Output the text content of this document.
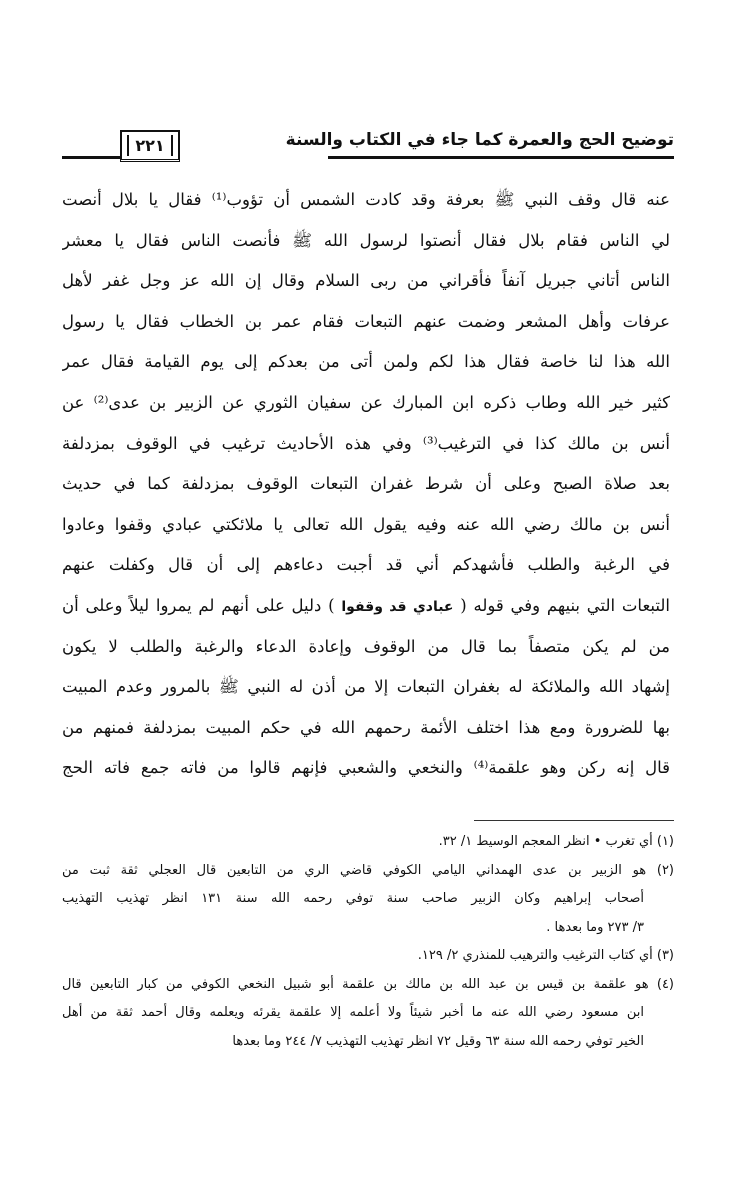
توضيح الحج والعمرة كما جاء في الكتاب والسنة
٢٢١
عنه قال وقف النبي ﷺ بعرفة وقد كادت الشمس أن تؤوب⁽¹⁾ فقال يا بلال أنصت
لي الناس فقام بلال فقال أنصتوا لرسول الله ﷺ فأنصت الناس فقال يا معشر
الناس أتاني جبريل آنفاً فأقراني من ربى السلام وقال إن الله عز وجل غفر لأهل
عرفات وأهل المشعر وضمت عنهم التبعات فقام عمر بن الخطاب فقال يا رسول
الله هذا لنا خاصة فقال هذا لكم ولمن أتى من بعدكم إلى يوم القيامة فقال عمر
كثير خير الله وطاب ذكره ابن المبارك عن سفيان الثوري عن الزبير بن عدى⁽²⁾ عن
أنس بن مالك كذا في الترغيب⁽³⁾ وفي هذه الأحاديث ترغيب في الوقوف بمزدلفة
بعد صلاة الصبح وعلى أن شرط غفران التبعات الوقوف بمزدلفة كما في حديث
أنس بن مالك رضي الله عنه وفيه يقول الله تعالى يا ملائكتي عبادي وقفوا وعادوا
في الرغبة والطلب فأشهدكم أني قد أجبت دعاءهم إلى أن قال وكفلت عنهم
التبعات التي بنيهم وفي قوله ( عبادي قد وقفوا ) دليل على أنهم لم يمروا ليلاً وعلى أن
من لم يكن متصفاً بما قال من الوقوف وإعادة الدعاء والرغبة والطلب لا يكون
إشهاد الله والملائكة له بغفران التبعات إلا من أذن له النبي ﷺ بالمرور وعدم المبيت
بها للضرورة ومع هذا اختلف الأئمة رحمهم الله في حكم المبيت بمزدلفة فمنهم من
قال إنه ركن وهو علقمة⁽⁴⁾ والنخعي والشعبي فإنهم قالوا من فاته جمع فاته الحج
(١) أي تغرب • انظر المعجم الوسيط ١/ ٣٢.
(٢) هو الزبير بن عدى الهمداني اليامي الكوفي قاضي الري من التابعين قال العجلي ثقة ثبت من
أصحاب إبراهيم وكان الزبير صاحب سنة توفي رحمه الله سنة ١٣١ انظر تهذيب التهذيب
٣/ ٢٧٣ وما بعدها .
(٣) أي كتاب الترغيب والترهيب للمنذري ٢/ ١٢٩.
(٤) هو علقمة بن قيس بن عبد الله بن مالك بن علقمة أبو شبيل النخعي الكوفي من كبار التابعين قال
ابن مسعود رضي الله عنه ما أخبر شيئاً ولا أعلمه إلا علقمة يقرئه ويعلمه وقال أحمد ثقة من أهل
الخير توفي رحمه الله سنة ٦٣ وقيل ٧٢ انظر تهذيب التهذيب ٧/ ٢٤٤ وما بعدها
